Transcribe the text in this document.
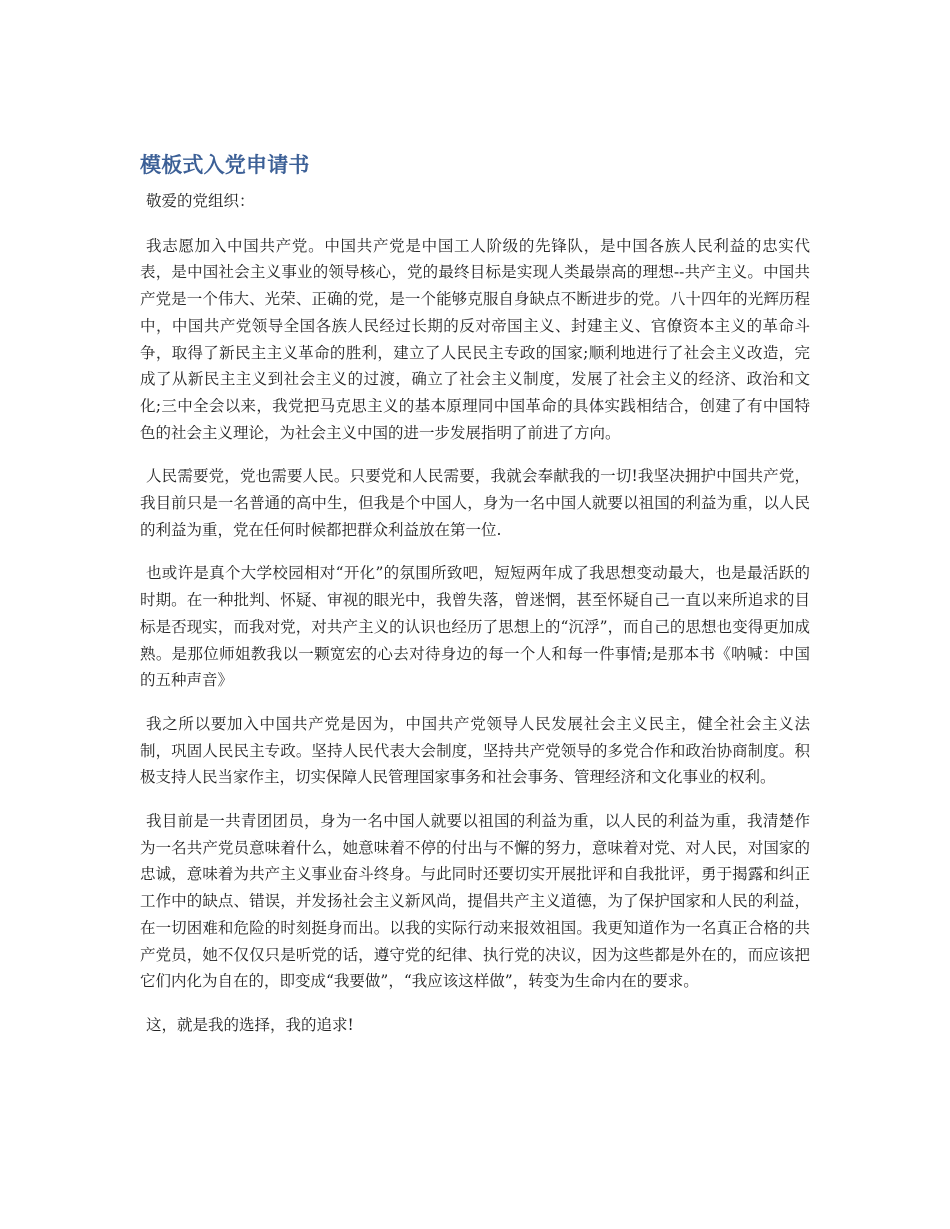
模板式入党申请书

敬爱的党组织：

我志愿加入中国共产党。中国共产党是中国工人阶级的先锋队，是中国各族人民利益的忠实代表，是中国社会主义事业的领导核心，党的最终目标是实现人类最崇高的理想--共产主义。中国共产党是一个伟大、光荣、正确的党，是一个能够克服自身缺点不断进步的党。八十四年的光辉历程中，中国共产党领导全国各族人民经过长期的反对帝国主义、封建主义、官僚资本主义的革命斗争，取得了新民主主义革命的胜利，建立了人民民主专政的国家;顺利地进行了社会主义改造，完成了从新民主主义到社会主义的过渡，确立了社会主义制度，发展了社会主义的经济、政治和文化;三中全会以来，我党把马克思主义的基本原理同中国革命的具体实践相结合，创建了有中国特色的社会主义理论，为社会主义中国的进一步发展指明了前进了方向。

人民需要党，党也需要人民。只要党和人民需要，我就会奉献我的一切!我坚决拥护中国共产党，我目前只是一名普通的高中生，但我是个中国人，身为一名中国人就要以祖国的利益为重，以人民的利益为重，党在任何时候都把群众利益放在第一位.

也或许是真个大学校园相对“开化”的氛围所致吧，短短两年成了我思想变动最大，也是最活跃的时期。在一种批判、怀疑、审视的眼光中，我曾失落，曾迷惘，甚至怀疑自己一直以来所追求的目标是否现实，而我对党，对共产主义的认识也经历了思想上的“沉浮”，而自己的思想也变得更加成熟。是那位师姐教我以一颗宽宏的心去对待身边的每一个人和每一件事情;是那本书《呐喊：中国的五种声音》

我之所以要加入中国共产党是因为，中国共产党领导人民发展社会主义民主，健全社会主义法制，巩固人民民主专政。坚持人民代表大会制度，坚持共产党领导的多党合作和政治协商制度。积极支持人民当家作主，切实保障人民管理国家事务和社会事务、管理经济和文化事业的权利。

我目前是一共青团团员，身为一名中国人就要以祖国的利益为重，以人民的利益为重，我清楚作为一名共产党员意味着什么，她意味着不停的付出与不懈的努力，意味着对党、对人民，对国家的忠诚，意味着为共产主义事业奋斗终身。与此同时还要切实开展批评和自我批评，勇于揭露和纠正工作中的缺点、错误，并发扬社会主义新风尚，提倡共产主义道德，为了保护国家和人民的利益，在一切困难和危险的时刻挺身而出。以我的实际行动来报效祖国。我更知道作为一名真正合格的共产党员，她不仅仅只是听党的话，遵守党的纪律、执行党的决议，因为这些都是外在的，而应该把它们内化为自在的，即变成“我要做”，“我应该这样做”，转变为生命内在的要求。

这，就是我的选择，我的追求!
